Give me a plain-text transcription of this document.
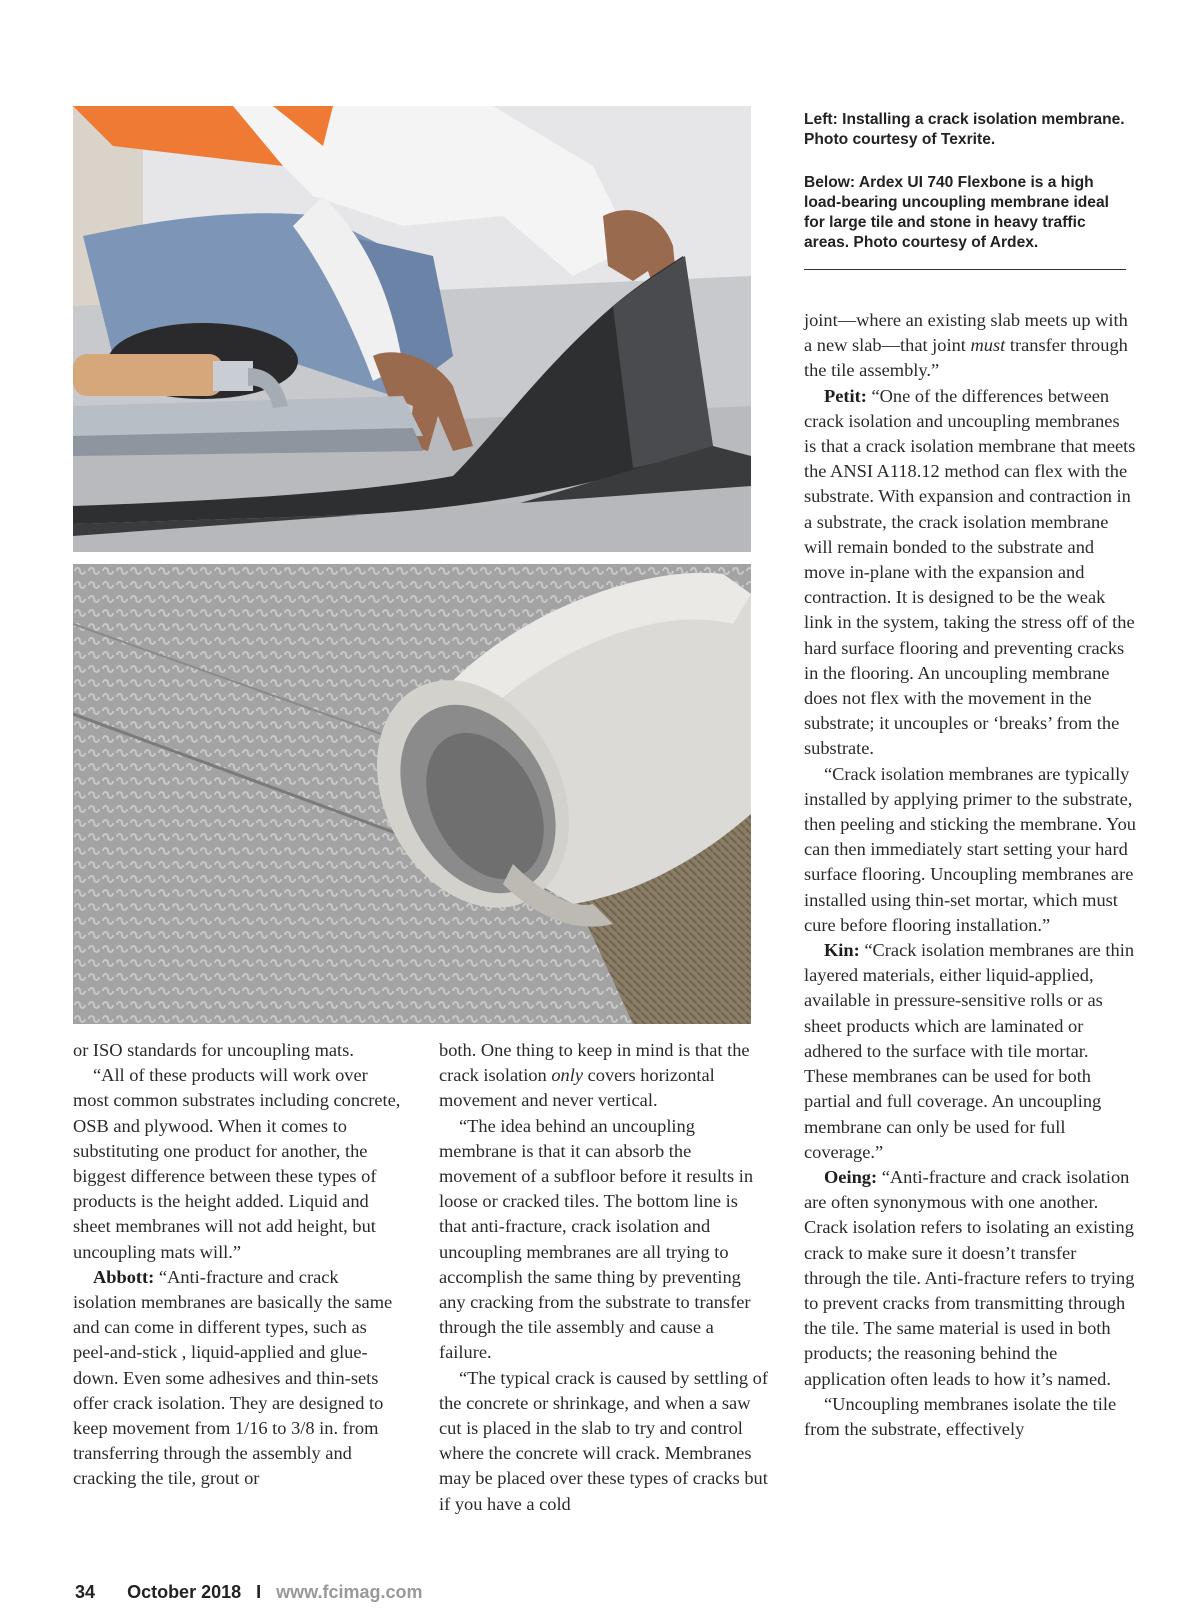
Left: Installing a crack isolation membrane. Photo courtesy of Texrite.
Below: Ardex UI 740 Flexbone is a high load-bearing uncoupling membrane ideal for large tile and stone in heavy traffic areas. Photo courtesy of Ardex.

or ISO standards for uncoupling mats.

“All of these products will work over most common substrates including concrete, OSB and plywood. When it comes to substituting one product for another, the biggest difference between these types of products is the height added. Liquid and sheet membranes will not add height, but uncoupling mats will.”

Abbott: “Anti-fracture and crack isolation membranes are basically the same and can come in different types, such as peel-and-stick , liquid-applied and glue-down. Even some adhesives and thin-sets offer crack isolation. They are designed to keep movement from 1/16 to 3/8 in. from transferring through the assembly and cracking the tile, grout or

both. One thing to keep in mind is that the crack isolation only covers horizontal movement and never vertical.

“The idea behind an uncoupling membrane is that it can absorb the movement of a subfloor before it results in loose or cracked tiles. The bottom line is that anti-fracture, crack isolation and uncoupling membranes are all trying to accomplish the same thing by preventing any cracking from the substrate to transfer through the tile assembly and cause a failure.

“The typical crack is caused by settling of the concrete or shrinkage, and when a saw cut is placed in the slab to try and control where the concrete will crack. Membranes may be placed over these types of cracks but if you have a cold

joint—where an existing slab meets up with a new slab—that joint must transfer through the tile assembly.”

Petit: “One of the differences between crack isolation and uncoupling membranes is that a crack isolation membrane that meets the ANSI A118.12 method can flex with the substrate. With expansion and contraction in a substrate, the crack isolation membrane will remain bonded to the substrate and move in-plane with the expansion and contraction. It is designed to be the weak link in the system, taking the stress off of the hard surface flooring and preventing cracks in the flooring. An uncoupling membrane does not flex with the movement in the substrate; it uncouples or ‘breaks’ from the substrate.

“Crack isolation membranes are typically installed by applying primer to the substrate, then peeling and sticking the membrane. You can then immediately start setting your hard surface flooring. Uncoupling membranes are installed using thin-set mortar, which must cure before flooring installation.”

Kin: “Crack isolation membranes are thin layered materials, either liquid-applied, available in pressure-sensitive rolls or as sheet products which are laminated or adhered to the surface with tile mortar. These membranes can be used for both partial and full coverage. An uncoupling membrane can only be used for full coverage.”

Oeing: “Anti-fracture and crack isolation are often synonymous with one another. Crack isolation refers to isolating an existing crack to make sure it doesn’t transfer through the tile. Anti-fracture refers to trying to prevent cracks from transmitting through the tile. The same material is used in both products; the reasoning behind the application often leads to how it’s named.

“Uncoupling membranes isolate the tile from the substrate, effectively

34 October 2018 I www.fcimag.com
